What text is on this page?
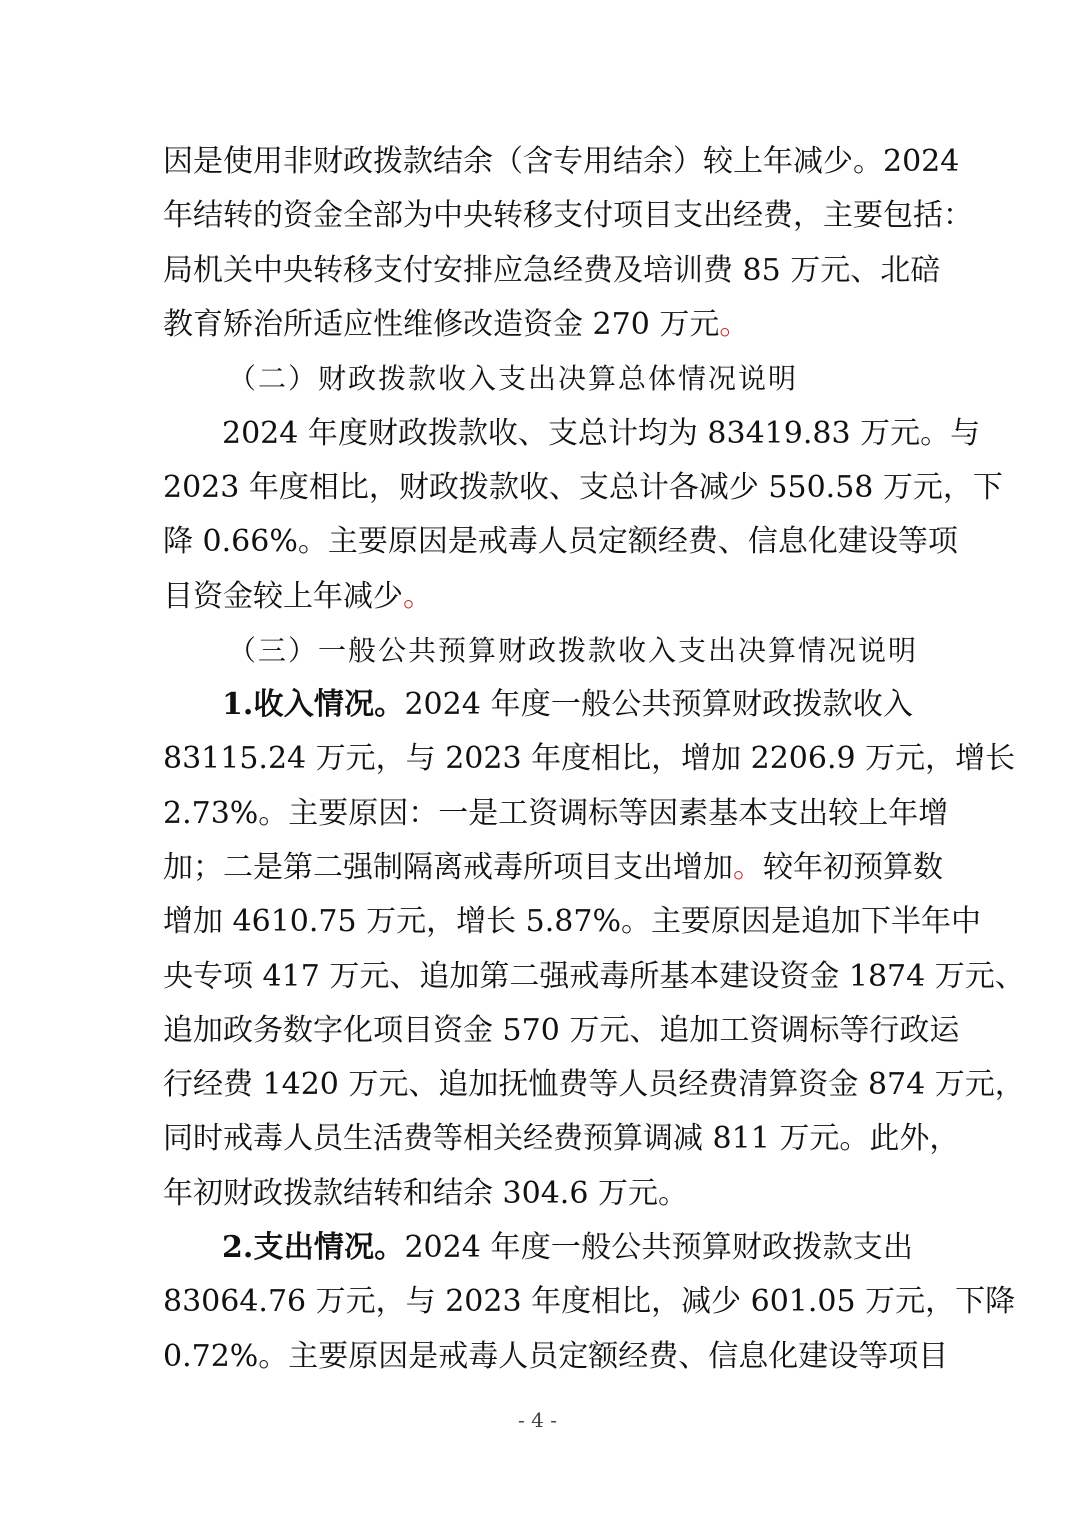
因是使用非财政拨款结余（含专用结余）较上年减少。2024
年结转的资金全部为中央转移支付项目支出经费，主要包括：
局机关中央转移支付安排应急经费及培训费 85 万元、北碚
教育矫治所适应性维修改造资金 270 万元。
（二）财政拨款收入支出决算总体情况说明
2024 年度财政拨款收、支总计均为 83419.83 万元。与
2023 年度相比，财政拨款收、支总计各减少 550.58 万元，下
降 0.66%。主要原因是戒毒人员定额经费、信息化建设等项
目资金较上年减少。
（三）一般公共预算财政拨款收入支出决算情况说明
1.收入情况。2024 年度一般公共预算财政拨款收入
83115.24 万元，与 2023 年度相比，增加 2206.9 万元，增长
2.73%。主要原因：一是工资调标等因素基本支出较上年增
加；二是第二强制隔离戒毒所项目支出增加。较年初预算数
增加 4610.75 万元，增长 5.87%。主要原因是追加下半年中
央专项 417 万元、追加第二强戒毒所基本建设资金 1874 万元、
追加政务数字化项目资金 570 万元、追加工资调标等行政运
行经费 1420 万元、追加抚恤费等人员经费清算资金 874 万元，
同时戒毒人员生活费等相关经费预算调减 811 万元。此外，
年初财政拨款结转和结余 304.6 万元。
2.支出情况。2024 年度一般公共预算财政拨款支出
83064.76 万元，与 2023 年度相比，减少 601.05 万元，下降
0.72%。主要原因是戒毒人员定额经费、信息化建设等项目
- 4 -
